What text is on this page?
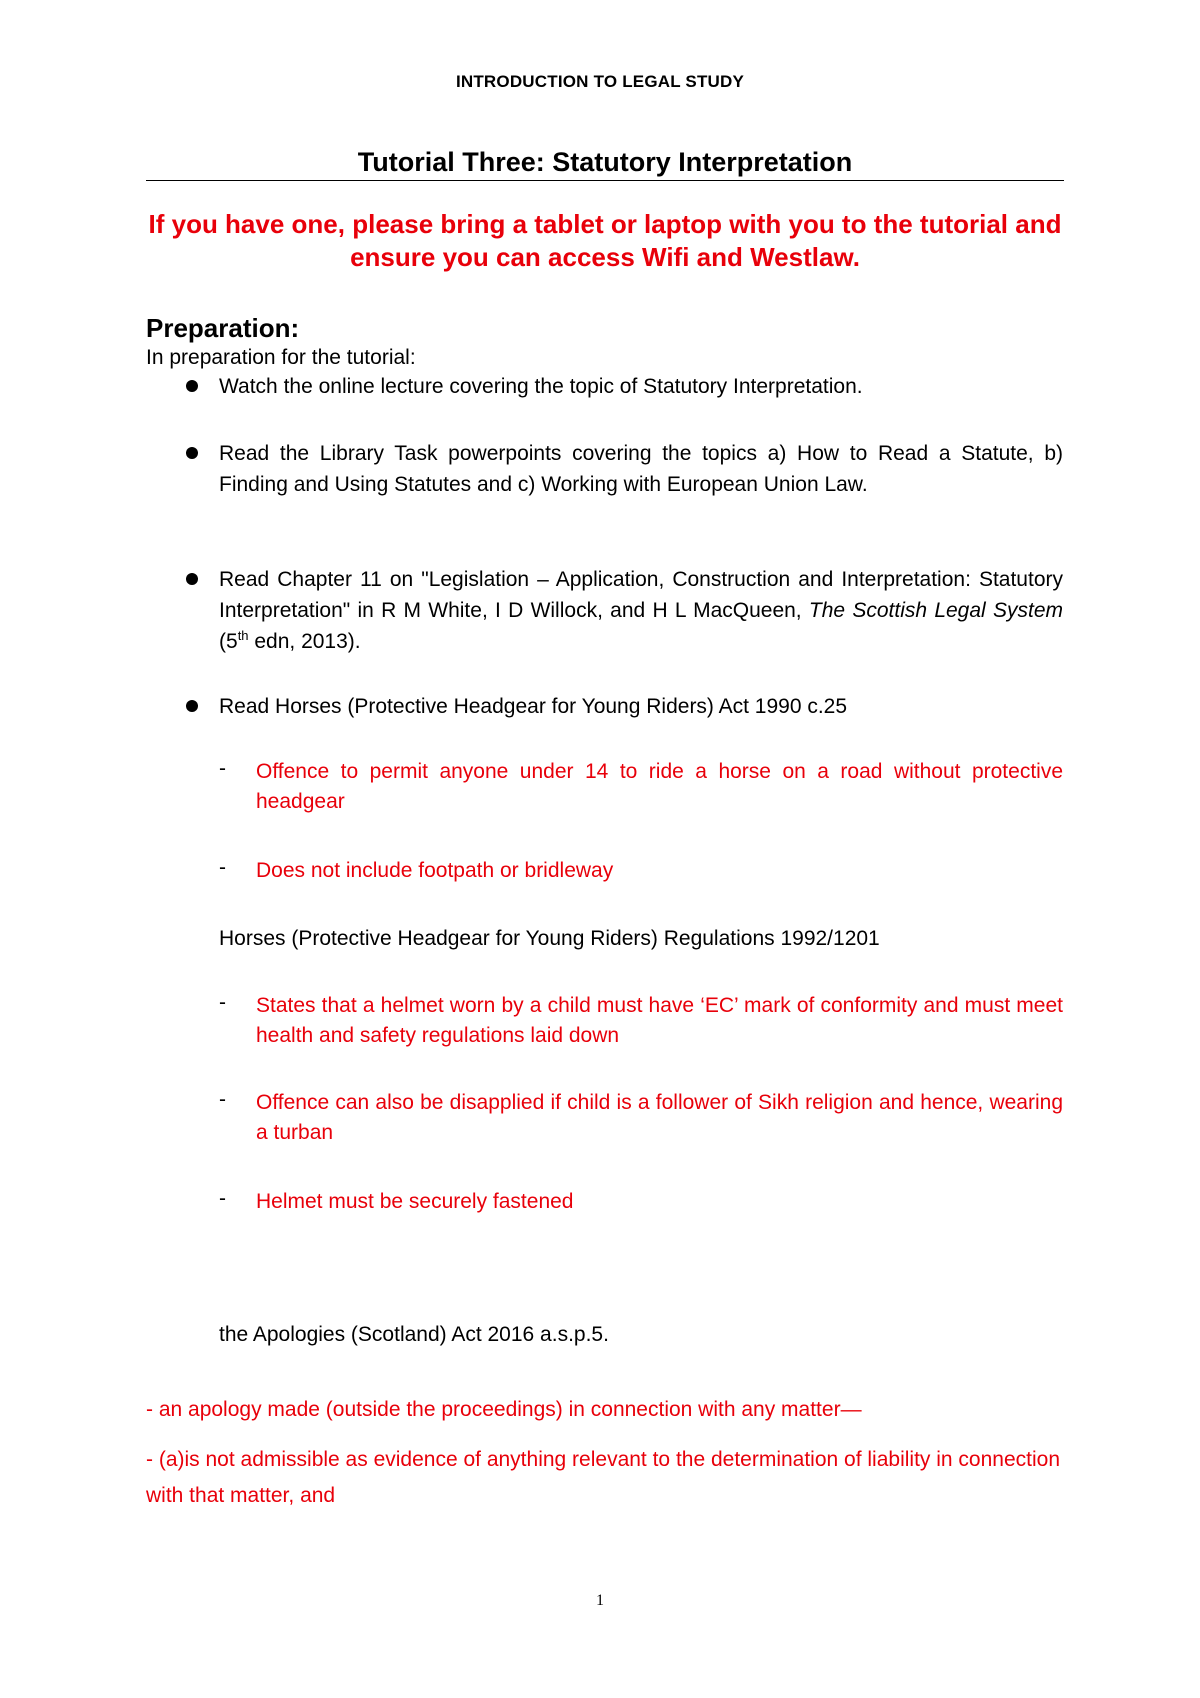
INTRODUCTION TO LEGAL STUDY
Tutorial Three: Statutory Interpretation
If you have one, please bring a tablet or laptop with you to the tutorial and ensure you can access Wifi and Westlaw.
Preparation:
In preparation for the tutorial:
Watch the online lecture covering the topic of Statutory Interpretation.
Read the Library Task powerpoints covering the topics a) How to Read a Statute, b) Finding and Using Statutes and c) Working with European Union Law.
Read Chapter 11 on "Legislation – Application, Construction and Interpretation: Statutory Interpretation" in R M White, I D Willock, and H L MacQueen, The Scottish Legal System (5th edn, 2013).
Read Horses (Protective Headgear for Young Riders) Act 1990 c.25
- Offence to permit anyone under 14 to ride a horse on a road without protective headgear
- Does not include footpath or bridleway
Horses (Protective Headgear for Young Riders) Regulations 1992/1201
- States that a helmet worn by a child must have ‘EC’ mark of conformity and must meet health and safety regulations laid down
- Offence can also be disapplied if child is a follower of Sikh religion and hence, wearing a turban
- Helmet must be securely fastened
the Apologies (Scotland) Act 2016 a.s.p.5.
- an apology made (outside the proceedings) in connection with any matter—
- (a)is not admissible as evidence of anything relevant to the determination of liability in connection with that matter, and
1
